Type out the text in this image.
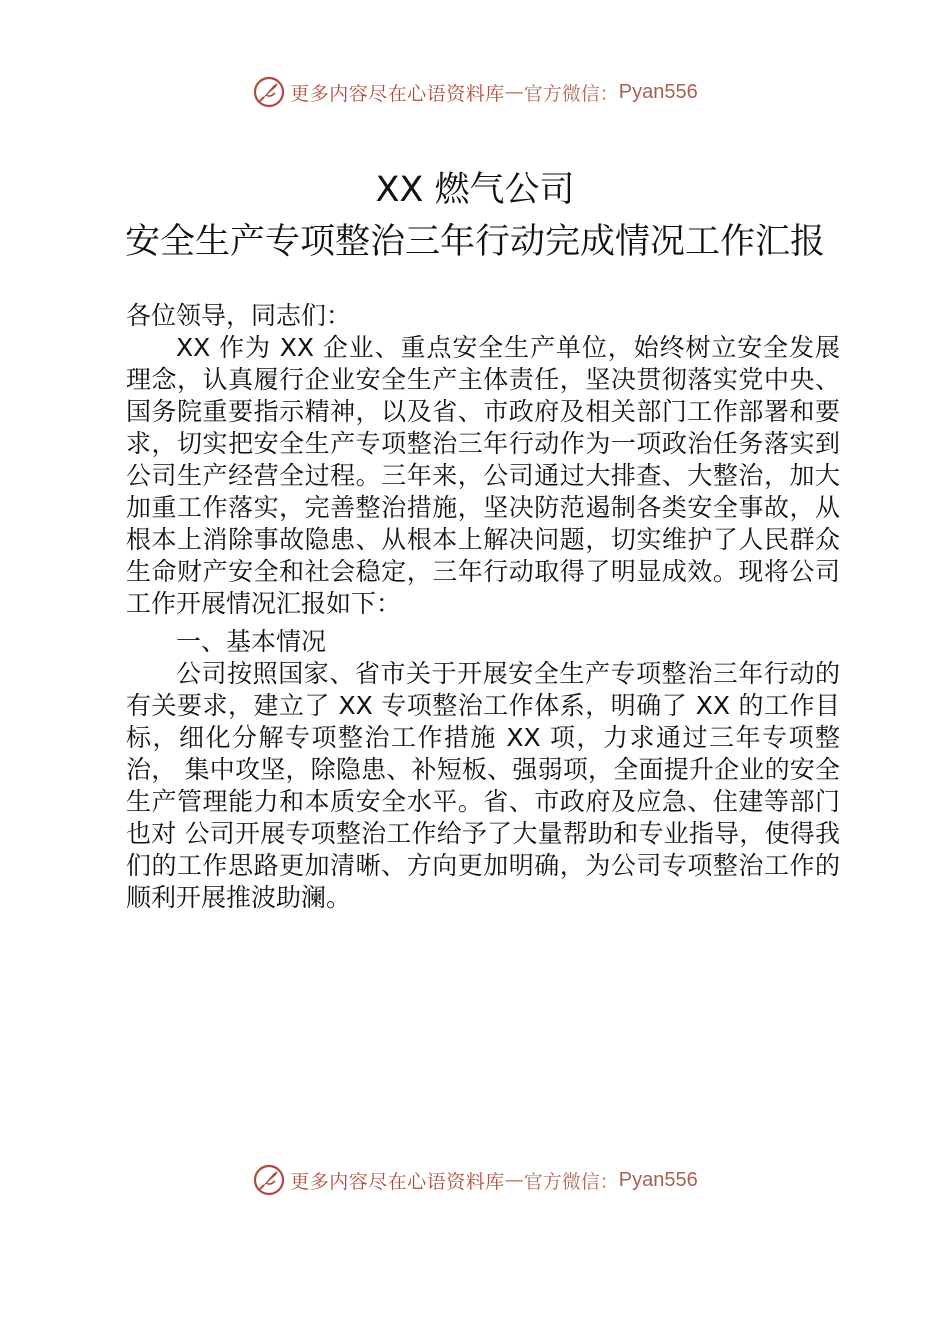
更多内容尽在心语资料库 — 官方微信： Pyan556
XX 燃气公司
安全生产专项整治三年行动完成情况工作汇报

各位领导，同志们：

XX 作为 XX 企业、重点安全生产单位，始终树立安全发展理念，认真履行企业安全生产主体责任，坚决贯彻落实党中央、国务院重要指示精神，以及省、市政府及相关部门工作部署和要求，切实把安全生产专项整治三年行动作为一项政治任务落实到公司生产经营全过程。三年来，公司通过大排查、大整治，加大加重工作落实，完善整治措施，坚决防范遏制各类安全事故，从根本上消除事故隐患、从根本上解决问题，切实维护了人民群众生命财产安全和社会稳定，三年行动取得了明显成效。现将公司工作开展情况汇报如下：

一、基本情况

公司按照国家、省市关于开展安全生产专项整治三年行动的有关要求，建立了 XX 专项整治工作体系，明确了 XX 的工作目标，细化分解专项整治工作措施 XX 项，力求通过三年专项整治， 集中攻坚，除隐患、补短板、强弱项，全面提升企业的安全生产管理能力和本质安全水平。省、市政府及应急、住建等部门也对 公司开展专项整治工作给予了大量帮助和专业指导，使得我们的工作思路更加清晰、方向更加明确，为公司专项整治工作的顺利开展推波助澜。

更多内容尽在心语资料库 — 官方微信： Pyan556
